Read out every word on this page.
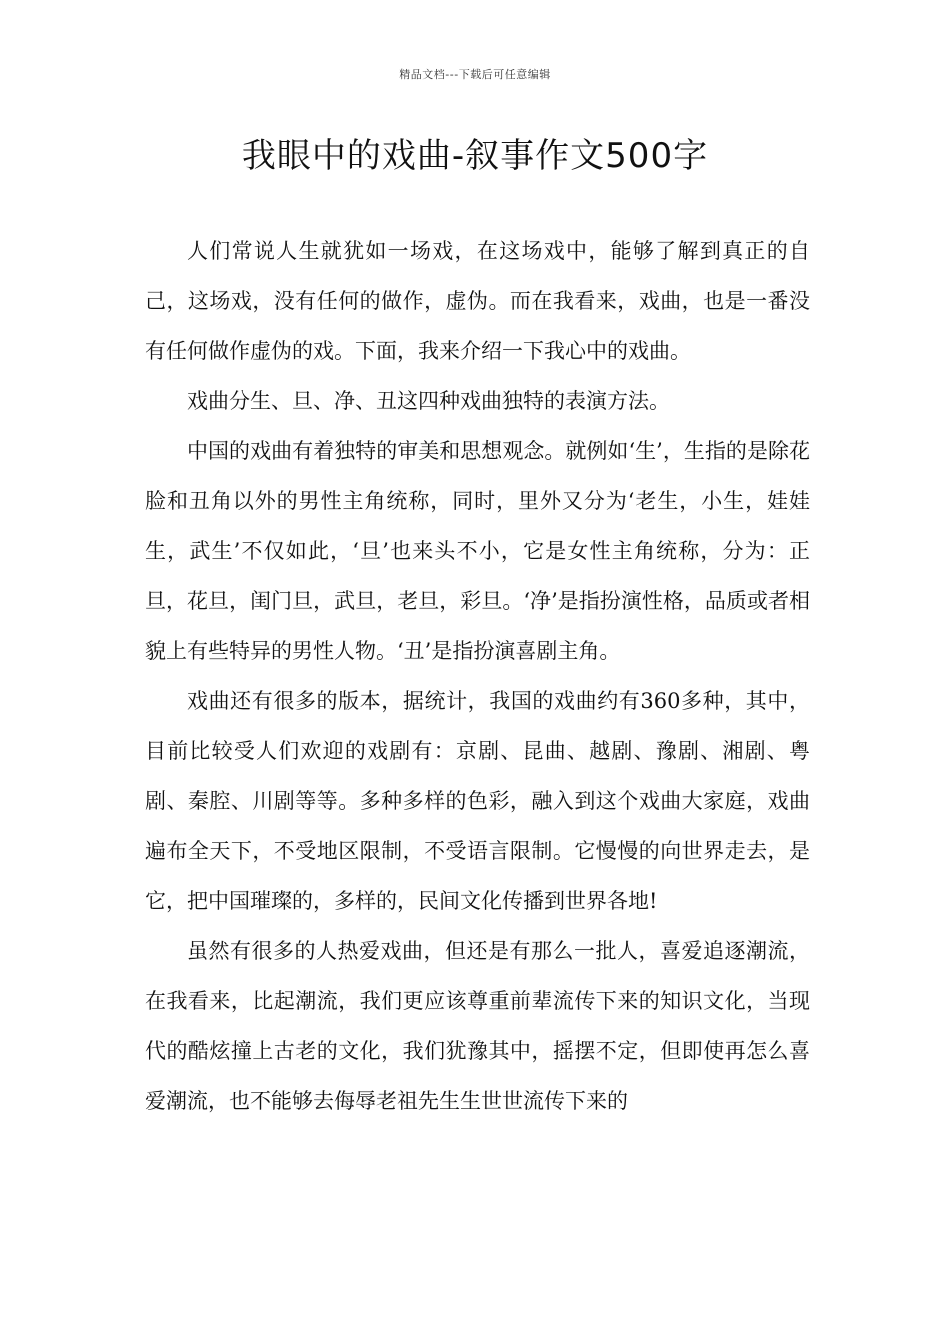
精品文档---下载后可任意编辑
我眼中的戏曲-叙事作文500字

人们常说人生就犹如一场戏，在这场戏中，能够了解到真正的自己，这场戏，没有任何的做作，虚伪。而在我看来，戏曲，也是一番没有任何做作虚伪的戏。下面，我来介绍一下我心中的戏曲。

戏曲分生、旦、净、丑这四种戏曲独特的表演方法。

中国的戏曲有着独特的审美和思想观念。就例如‘生’，生指的是除花脸和丑角以外的男性主角统称，同时，里外又分为‘老生，小生，娃娃生，武生’不仅如此，‘旦’也来头不小，它是女性主角统称，分为：正旦，花旦，闺门旦，武旦，老旦，彩旦。‘净’是指扮演性格，品质或者相貌上有些特异的男性人物。‘丑’是指扮演喜剧主角。

戏曲还有很多的版本，据统计，我国的戏曲约有360多种，其中，目前比较受人们欢迎的戏剧有：京剧、昆曲、越剧、豫剧、湘剧、粤剧、秦腔、川剧等等。多种多样的色彩，融入到这个戏曲大家庭，戏曲遍布全天下，不受地区限制，不受语言限制。它慢慢的向世界走去，是它，把中国璀璨的，多样的，民间文化传播到世界各地!

虽然有很多的人热爱戏曲，但还是有那么一批人，喜爱追逐潮流，在我看来，比起潮流，我们更应该尊重前辈流传下来的知识文化，当现代的酷炫撞上古老的文化，我们犹豫其中，摇摆不定，但即使再怎么喜爱潮流，也不能够去侮辱老祖先生生世世流传下来的
